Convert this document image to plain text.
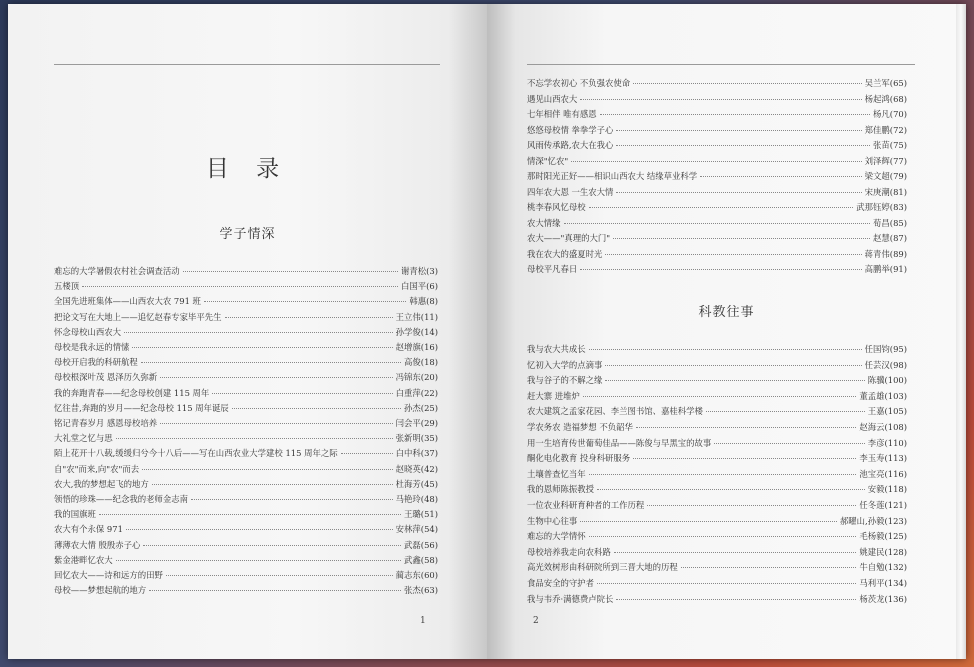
目 录
学子情深
难忘的大学暑假农村社会调查活动	谢青松(3)
五楼顶	白国平(6)
全国先进班集体——山西农大农 791 班	韩惠(8)
把论文写在大地上——追忆赵春专家毕平先生	王立伟(11)
怀念母校山西农大	孙学俊(14)
母校是我永远的情愫	赵增旗(16)
母校开启我的科研航程	高俊(18)
母校根深叶茂 恩泽历久弥新	冯锦东(20)
我的奔跑青春——纪念母校创建 115 周年	白重萍(22)
忆往昔,奔跑的岁月——纪念母校 115 周年诞辰	孙杰(25)
铭记青春岁月 感恩母校培养	闫会平(29)
大礼堂之忆与思	张新明(35)
陌上花开十八载,缓缓归兮今十八后——写在山西农业大学建校 115 周年之际	白中科(37)
自"农"而来,向"农"而去	赵晓英(42)
农大,我的梦想起飞的地方	杜海芳(45)
领悟的珍珠——纪念我的老师金志南	马艳玲(48)
我的国旗班	王璐(51)
农大有个永保 971	安林萍(54)
薄薄农大情 殷殷赤子心	武磊(56)
紫金港畔忆农大	武鑫(58)
回忆农大——诗和远方的田野	蔺志东(60)
母校——梦想起航的地方	张杰(63)
1
不忘学农初心 不负强农使命	吴兰军(65)
遇见山西农大	杨起鸿(68)
七年相伴 唯有感恩	杨凡(70)
悠悠母校情 拳拳学子心	郑佳鹏(72)
风雨传承路,农大在我心	张苗(75)
情深"忆农"	刘泽辉(77)
那时阳光正好——相识山西农大 结缘草业科学	梁文超(79)
四年农大恩 一生农大情	宋庚潮(81)
桃李春风忆母校	武那钰婷(83)
农大情缘	荀昌(85)
农大——"真理的大门"	赵慧(87)
我在农大的盛夏时光	蒋青伟(89)
母校平凡春日	高鹏举(91)
科教往事
我与农大共成长	任国钧(95)
忆初入大学的点滴事	任芸汉(98)
我与谷子的不解之缘	陈骥(100)
赶大寨 进堆炉	董孟雄(103)
农大建筑之孟家花园、李兰图书馆、嘉桂科学楼	王嘉(105)
学农务农 造福梦想 不负韶华	赵海云(108)
用一生培育传世葡萄佳品——陈俊与早黑宝的故事	李彦(110)
酮化电化教育 投身科研服务	李玉寿(113)
土壤普查忆当年	池宝亮(116)
我的恩师陈振教授	安毅(118)
一位农业科研育种者的工作历程	任冬莲(121)
生物中心往事	郝曜山,孙毅(123)
难忘的大学情怀	毛杨毅(125)
母校培养我走向农科路	姚建民(128)
高光效树形由科研院所到三晋大地的历程	牛自勉(132)
食品安全的守护者	马利平(134)
我与韦乔·满德费卢院长	杨茨龙(136)
2
